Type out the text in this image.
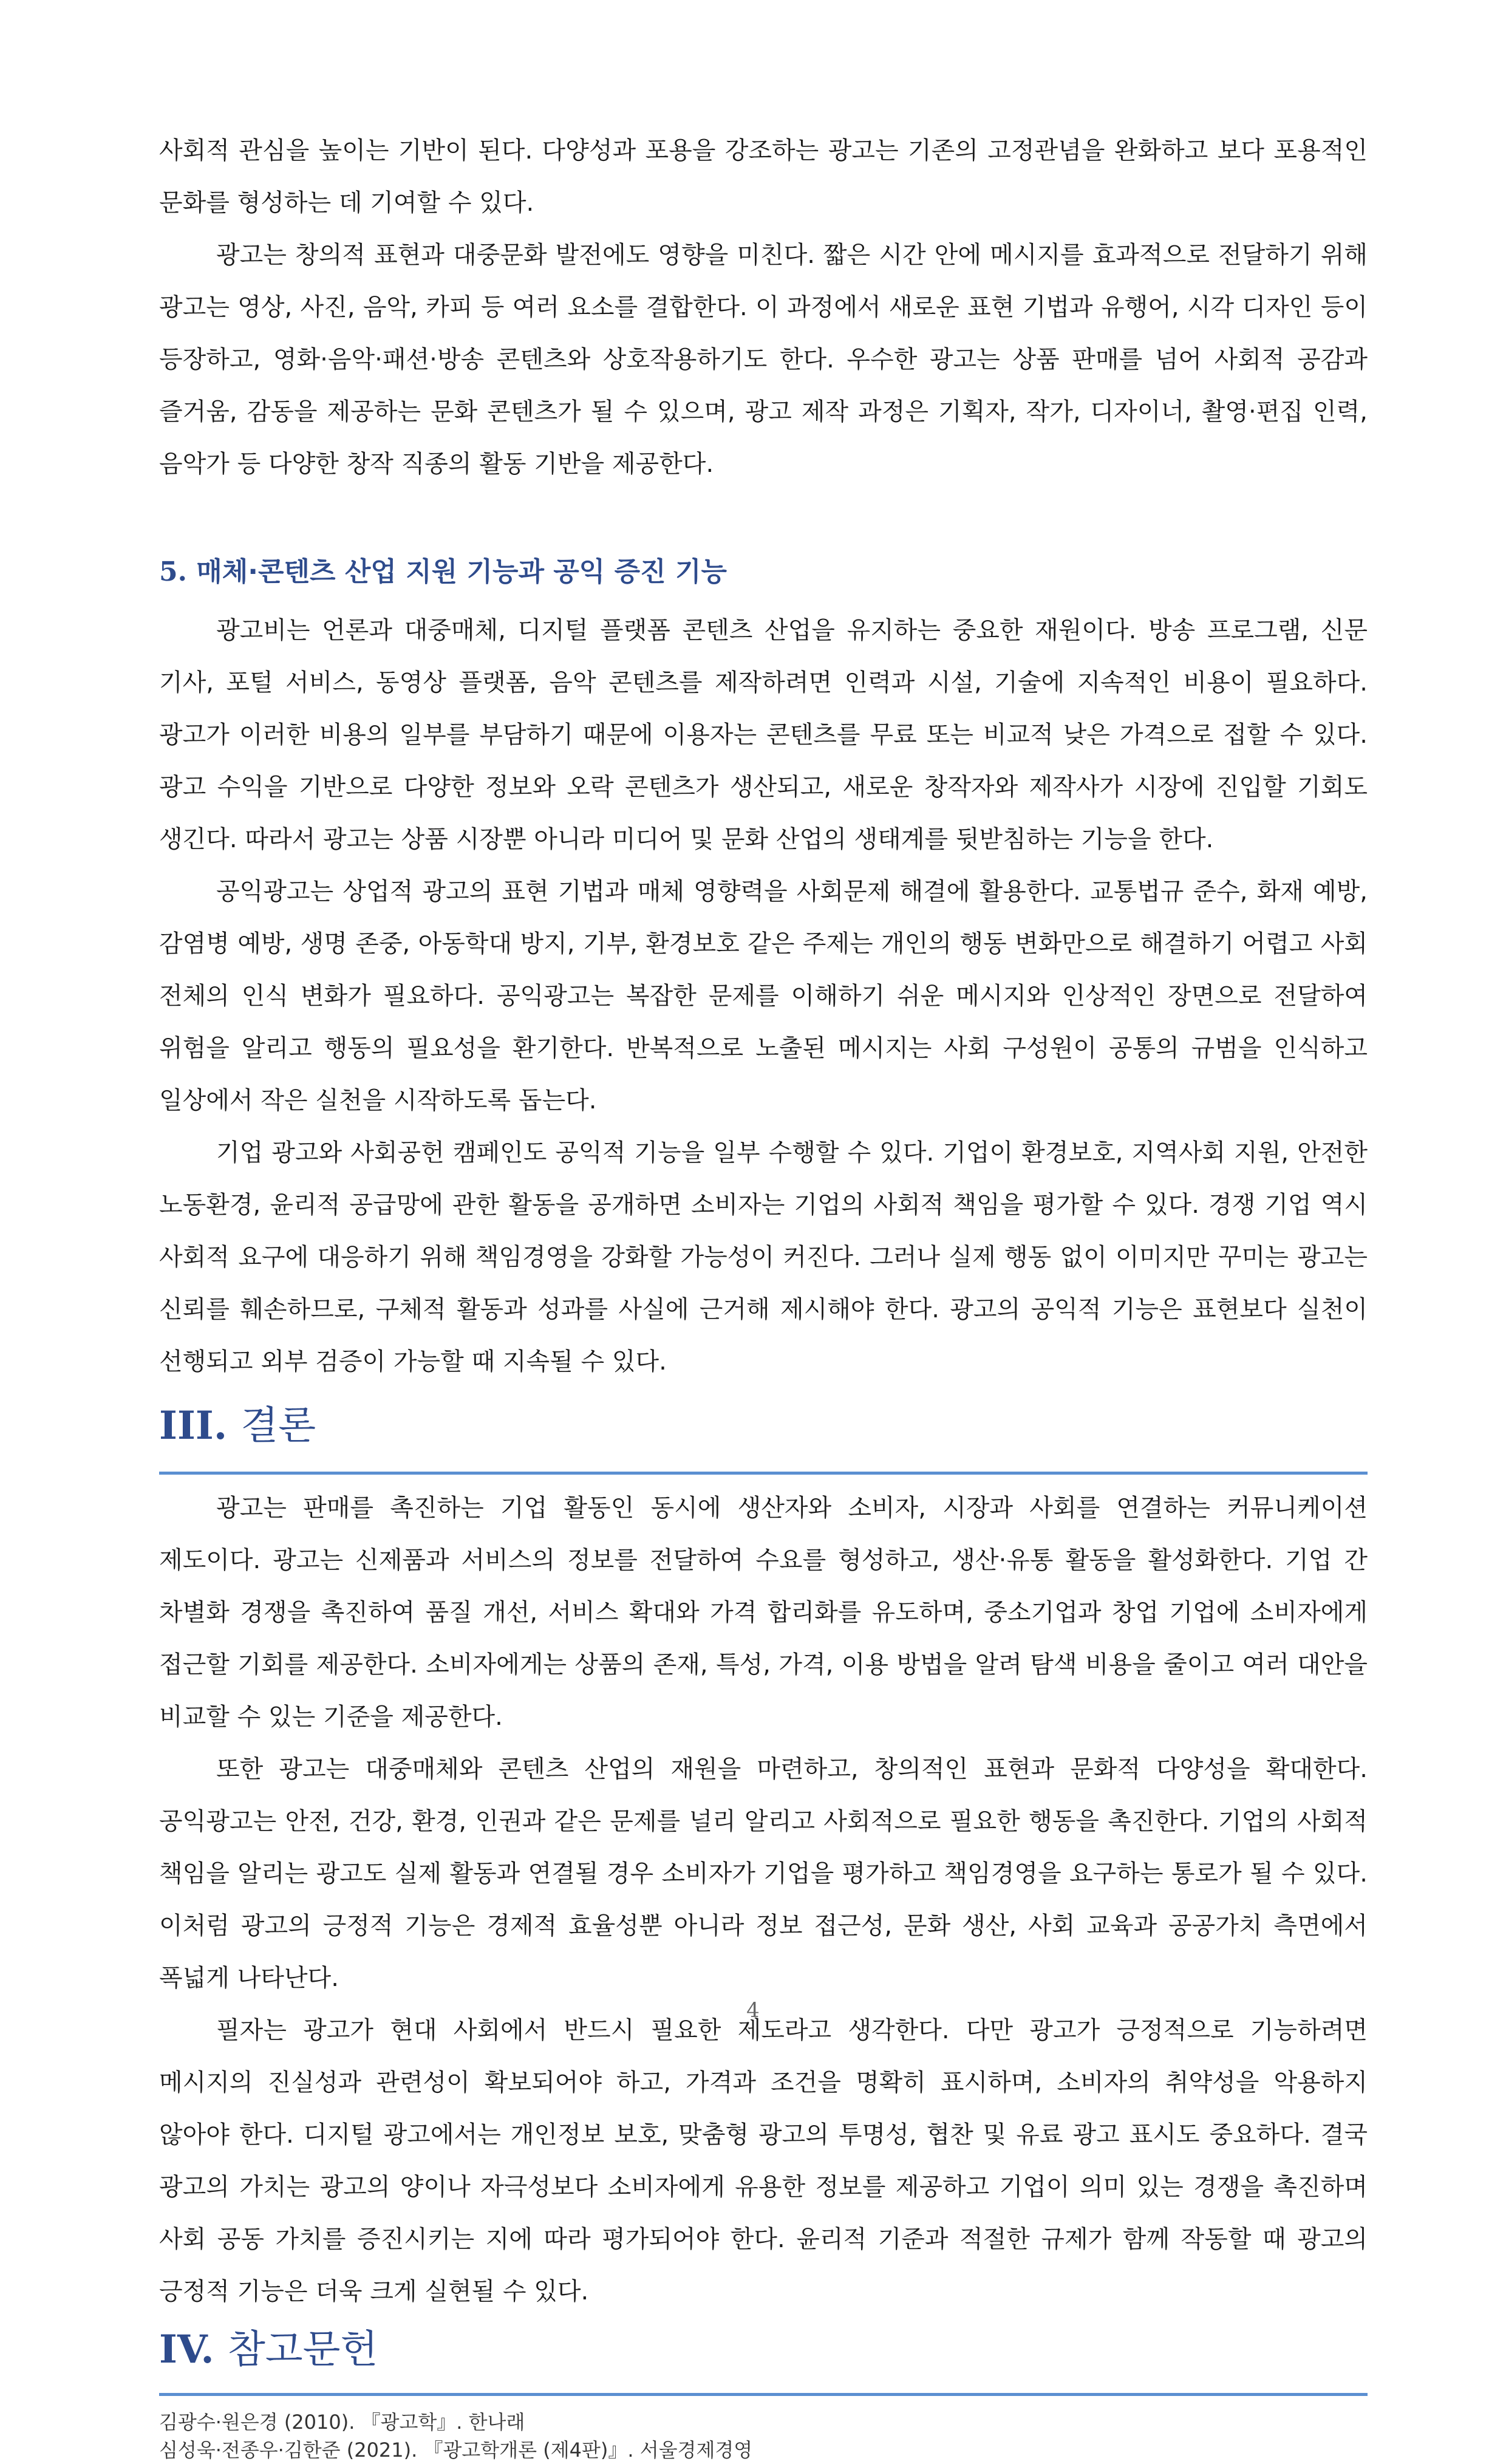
사회적 관심을 높이는 기반이 된다. 다양성과 포용을 강조하는 광고는 기존의 고정관념을 완화하고 보다 포용적인 문화를 형성하는 데 기여할 수 있다.

광고는 창의적 표현과 대중문화 발전에도 영향을 미친다. 짧은 시간 안에 메시지를 효과적으로 전달하기 위해 광고는 영상, 사진, 음악, 카피 등 여러 요소를 결합한다. 이 과정에서 새로운 표현 기법과 유행어, 시각 디자인 등이 등장하고, 영화·음악·패션·방송 콘텐츠와 상호작용하기도 한다. 우수한 광고는 상품 판매를 넘어 사회적 공감과 즐거움, 감동을 제공하는 문화 콘텐츠가 될 수 있으며, 광고 제작 과정은 기획자, 작가, 디자이너, 촬영·편집 인력, 음악가 등 다양한 창작 직종의 활동 기반을 제공한다.

5. 매체·콘텐츠 산업 지원 기능과 공익 증진 기능

광고비는 언론과 대중매체, 디지털 플랫폼 콘텐츠 산업을 유지하는 중요한 재원이다. 방송 프로그램, 신문 기사, 포털 서비스, 동영상 플랫폼, 음악 콘텐츠를 제작하려면 인력과 시설, 기술에 지속적인 비용이 필요하다. 광고가 이러한 비용의 일부를 부담하기 때문에 이용자는 콘텐츠를 무료 또는 비교적 낮은 가격으로 접할 수 있다. 광고 수익을 기반으로 다양한 정보와 오락 콘텐츠가 생산되고, 새로운 창작자와 제작사가 시장에 진입할 기회도 생긴다. 따라서 광고는 상품 시장뿐 아니라 미디어 및 문화 산업의 생태계를 뒷받침하는 기능을 한다.

공익광고는 상업적 광고의 표현 기법과 매체 영향력을 사회문제 해결에 활용한다. 교통법규 준수, 화재 예방, 감염병 예방, 생명 존중, 아동학대 방지, 기부, 환경보호 같은 주제는 개인의 행동 변화만으로 해결하기 어렵고 사회 전체의 인식 변화가 필요하다. 공익광고는 복잡한 문제를 이해하기 쉬운 메시지와 인상적인 장면으로 전달하여 위험을 알리고 행동의 필요성을 환기한다. 반복적으로 노출된 메시지는 사회 구성원이 공통의 규범을 인식하고 일상에서 작은 실천을 시작하도록 돕는다.

기업 광고와 사회공헌 캠페인도 공익적 기능을 일부 수행할 수 있다. 기업이 환경보호, 지역사회 지원, 안전한 노동환경, 윤리적 공급망에 관한 활동을 공개하면 소비자는 기업의 사회적 책임을 평가할 수 있다. 경쟁 기업 역시 사회적 요구에 대응하기 위해 책임경영을 강화할 가능성이 커진다. 그러나 실제 행동 없이 이미지만 꾸미는 광고는 신뢰를 훼손하므로, 구체적 활동과 성과를 사실에 근거해 제시해야 한다. 광고의 공익적 기능은 표현보다 실천이 선행되고 외부 검증이 가능할 때 지속될 수 있다.

III. 결론

광고는 판매를 촉진하는 기업 활동인 동시에 생산자와 소비자, 시장과 사회를 연결하는 커뮤니케이션 제도이다. 광고는 신제품과 서비스의 정보를 전달하여 수요를 형성하고, 생산·유통 활동을 활성화한다. 기업 간 차별화 경쟁을 촉진하여 품질 개선, 서비스 확대와 가격 합리화를 유도하며, 중소기업과 창업 기업에 소비자에게 접근할 기회를 제공한다. 소비자에게는 상품의 존재, 특성, 가격, 이용 방법을 알려 탐색 비용을 줄이고 여러 대안을 비교할 수 있는 기준을 제공한다.

또한 광고는 대중매체와 콘텐츠 산업의 재원을 마련하고, 창의적인 표현과 문화적 다양성을 확대한다. 공익광고는 안전, 건강, 환경, 인권과 같은 문제를 널리 알리고 사회적으로 필요한 행동을 촉진한다. 기업의 사회적 책임을 알리는 광고도 실제 활동과 연결될 경우 소비자가 기업을 평가하고 책임경영을 요구하는 통로가 될 수 있다. 이처럼 광고의 긍정적 기능은 경제적 효율성뿐 아니라 정보 접근성, 문화 생산, 사회 교육과 공공가치 측면에서 폭넓게 나타난다.

필자는 광고가 현대 사회에서 반드시 필요한 제도라고 생각한다. 다만 광고가 긍정적으로 기능하려면 메시지의 진실성과 관련성이 확보되어야 하고, 가격과 조건을 명확히 표시하며, 소비자의 취약성을 악용하지 않아야 한다. 디지털 광고에서는 개인정보 보호, 맞춤형 광고의 투명성, 협찬 및 유료 광고 표시도 중요하다. 결국 광고의 가치는 광고의 양이나 자극성보다 소비자에게 유용한 정보를 제공하고 기업이 의미 있는 경쟁을 촉진하며 사회 공동 가치를 증진시키는 지에 따라 평가되어야 한다. 윤리적 기준과 적절한 규제가 함께 작동할 때 광고의 긍정적 기능은 더욱 크게 실현될 수 있다.

IV. 참고문헌

김광수·원은경 (2010). 『광고학』. 한나래

심성욱·전종우·김한준 (2021). 『광고학개론 (제4판)』. 서울경제경영

4
